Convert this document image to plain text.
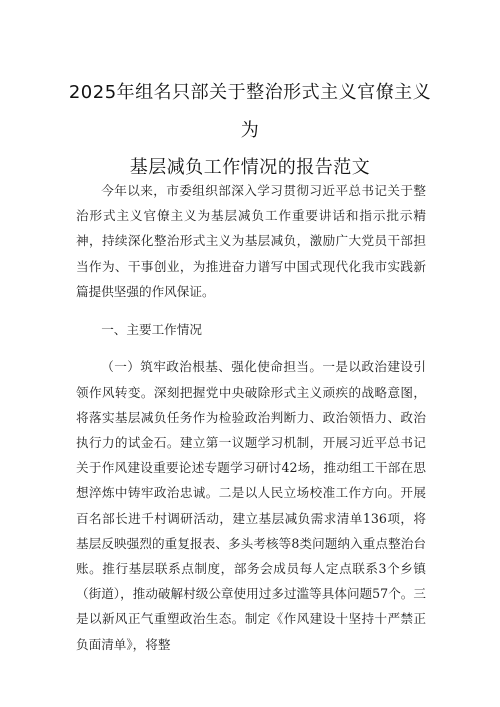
2025年组名只部关于整治形式主义官僚主义
为
基层减负工作情况的报告范文

今年以来，市委组织部深入学习贯彻习近平总书记关于整治形式主义官僚主义为基层减负工作重要讲话和指示批示精神，持续深化整治形式主义为基层减负，激励广大党员干部担当作为、干事创业，为推进奋力谱写中国式现代化我市实践新篇提供坚强的作风保证。

一、主要工作情况

（一）筑牢政治根基、强化使命担当。一是以政治建设引领作风转变。深刻把握党中央破除形式主义顽疾的战略意图，将落实基层减负任务作为检验政治判断力、政治领悟力、政治执行力的试金石。建立第一议题学习机制，开展习近平总书记关于作风建设重要论述专题学习研讨42场，推动组工干部在思想淬炼中铸牢政治忠诚。二是以人民立场校准工作方向。开展百名部长进千村调研活动，建立基层减负需求清单136项，将基层反映强烈的重复报表、多头考核等8类问题纳入重点整治台账。推行基层联系点制度，部务会成员每人定点联系3个乡镇（街道），推动破解村级公章使用过多过滥等具体问题57个。三是以新风正气重塑政治生态。制定《作风建设十坚持十严禁正负面清单》，将整
